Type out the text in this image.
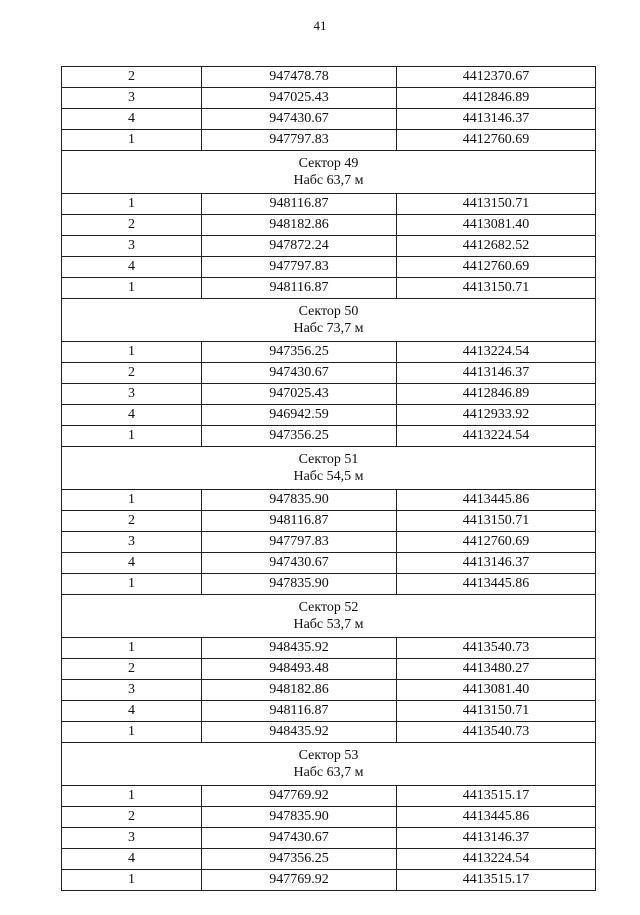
41
2	947478.78	4412370.67
3	947025.43	4412846.89
4	947430.67	4413146.37
1	947797.83	4412760.69

Сектор 49
Набс 63,7 м		

1	948116.87	4413150.71
2	948182.86	4413081.40
3	947872.24	4412682.52
4	947797.83	4412760.69
1	948116.87	4413150.71

Сектор 50
Набс 73,7 м		

1	947356.25	4413224.54
2	947430.67	4413146.37
3	947025.43	4412846.89
4	946942.59	4412933.92
1	947356.25	4413224.54

Сектор 51
Набс 54,5 м		

1	947835.90	4413445.86
2	948116.87	4413150.71
3	947797.83	4412760.69
4	947430.67	4413146.37
1	947835.90	4413445.86

Сектор 52
Набс 53,7 м		

1	948435.92	4413540.73
2	948493.48	4413480.27
3	948182.86	4413081.40
4	948116.87	4413150.71
1	948435.92	4413540.73

Сектор 53
Набс 63,7 м		

1	947769.92	4413515.17
2	947835.90	4413445.86
3	947430.67	4413146.37
4	947356.25	4413224.54
1	947769.92	4413515.17
